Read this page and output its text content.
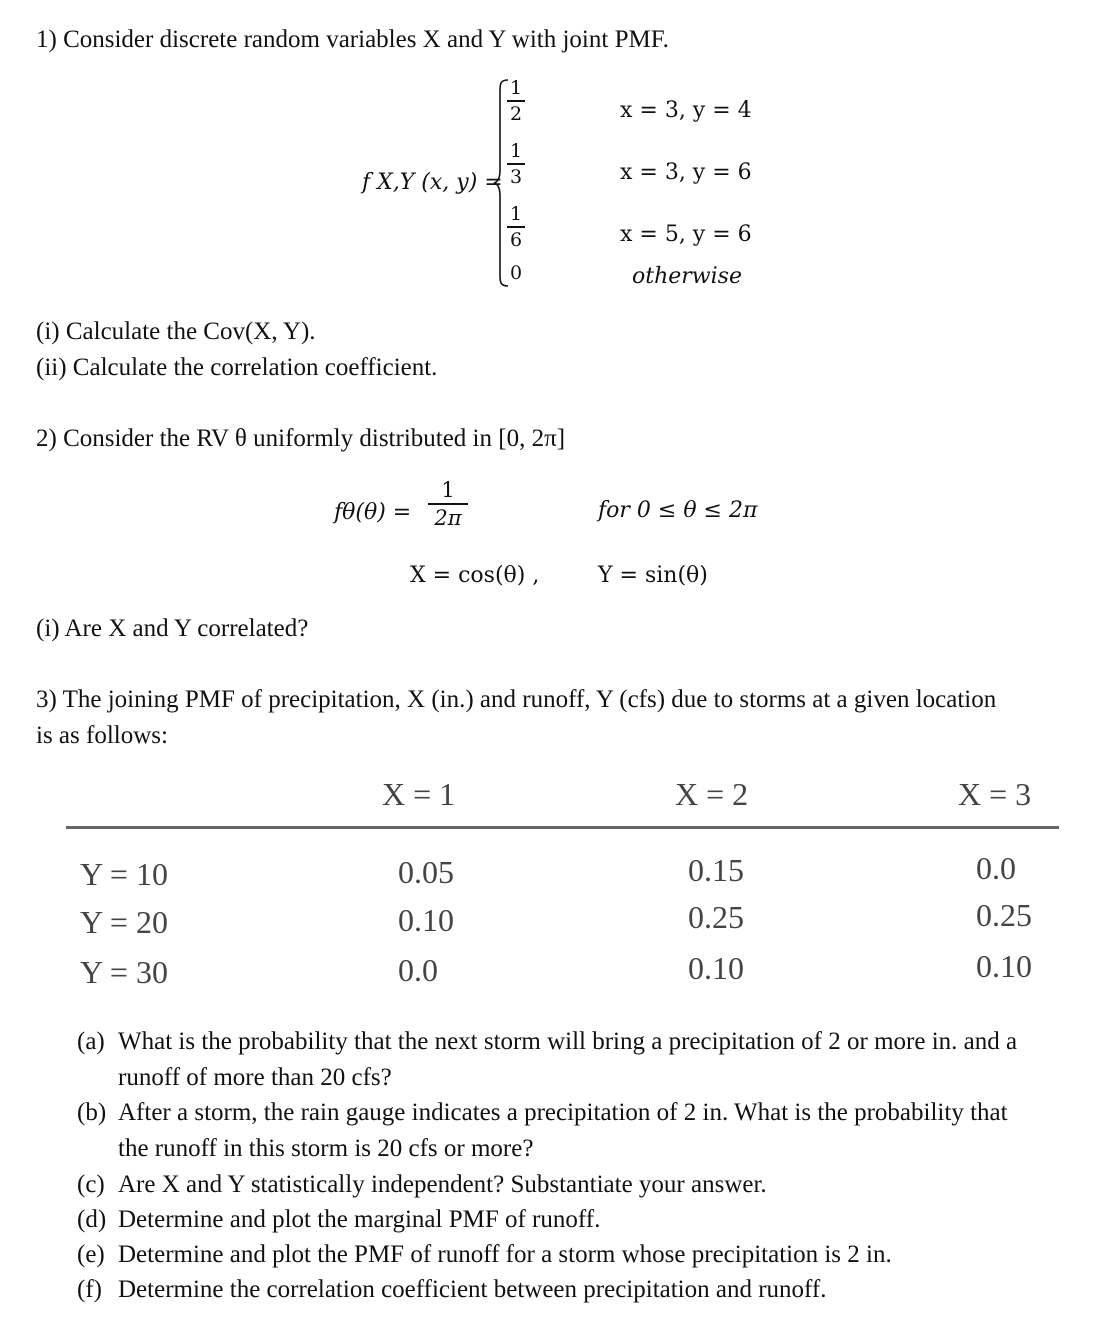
1) Consider discrete random variables X and Y with joint PMF.
f X,Y (x, y) =
1
2
1
3
1
6
0
x = 3, y = 4
x = 3, y = 6
x = 5, y = 6
otherwise
(i) Calculate the Cov(X, Y).
(ii) Calculate the correlation coefficient.
2) Consider the RV θ uniformly distributed in [0, 2π]
fθ(θ) =
1
2π	for 0 ≤ θ ≤ 2π
X = cos(θ) ,	Y = sin(θ)
(i) Are X and Y correlated?
3) The joining PMF of precipitation, X (in.) and runoff, Y (cfs) due to storms at a given location
is as follows:
X = 1	X = 2	X = 3
Y = 10	0.05	0.15	0.0
Y = 20	0.10	0.25	0.25
Y = 30	0.0	0.10	0.10
(a) What is the probability that the next storm will bring a precipitation of 2 or more in. and a
runoff of more than 20 cfs?
(b) After a storm, the rain gauge indicates a precipitation of 2 in. What is the probability that
the runoff in this storm is 20 cfs or more?
(c) Are X and Y statistically independent? Substantiate your answer.
(d) Determine and plot the marginal PMF of runoff.
(e) Determine and plot the PMF of runoff for a storm whose precipitation is 2 in.
(f) Determine the correlation coefficient between precipitation and runoff.
